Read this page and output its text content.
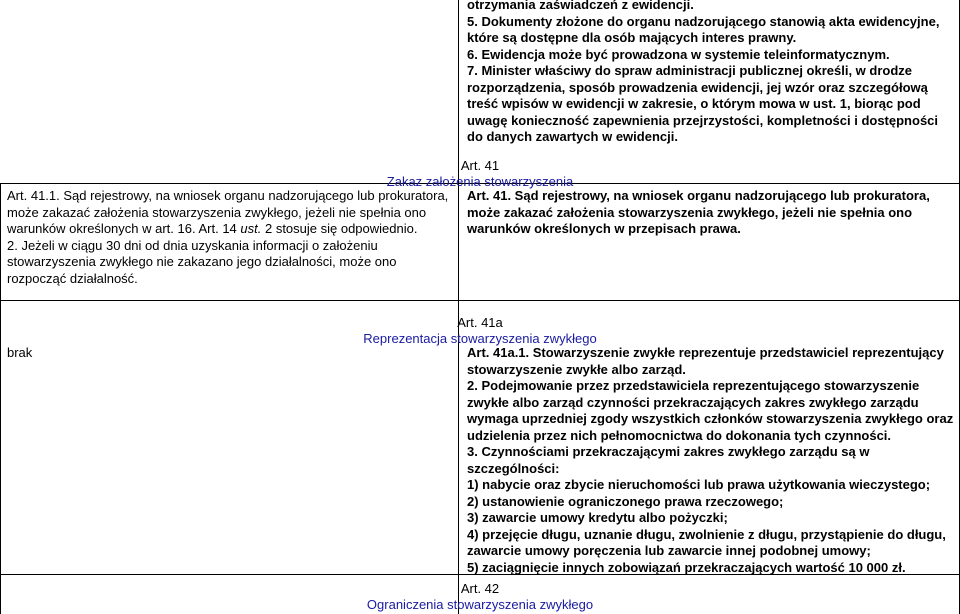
otrzymania zaświadczeń z ewidencji.

5. Dokumenty złożone do organu nadzorującego stanowią akta ewidencyjne, które są dostępne dla osób mających interes prawny.

6. Ewidencja może być prowadzona w systemie teleinformatycznym.

7. Minister właściwy do spraw administracji publicznej określi, w drodze rozporządzenia, sposób prowadzenia ewidencji, jej wzór oraz szczegółową treść wpisów w ewidencji w zakresie, o którym mowa w ust. 1, biorąc pod uwagę konieczność zapewnienia przejrzystości, kompletności i dostępności do danych zawartych w ewidencji.

Art. 41
Zakaz założenia stowarzyszenia

Art. 41.1. Sąd rejestrowy, na wniosek organu nadzorującego lub prokuratora, może zakazać założenia stowarzyszenia zwykłego, jeżeli nie spełnia ono warunków określonych w art. 16. Art. 14 ust. 2 stosuje się odpowiednio.

2. Jeżeli w ciągu 30 dni od dnia uzyskania informacji o założeniu stowarzyszenia zwykłego nie zakazano jego działalności, może ono rozpocząć działalność.

Art. 41. Sąd rejestrowy, na wniosek organu nadzorującego lub prokuratora, może zakazać założenia stowarzyszenia zwykłego, jeżeli nie spełnia ono warunków określonych w przepisach prawa.
Art. 41a
Reprezentacja stowarzyszenia zwykłego
brak	Art. 41a.1. Stowarzyszenie zwykłe reprezentuje przedstawiciel reprezentujący stowarzyszenie zwykłe albo zarząd.

2. Podejmowanie przez przedstawiciela reprezentującego stowarzyszenie zwykłe albo zarząd czynności przekraczających zakres zwykłego zarządu wymaga uprzedniej zgody wszystkich członków stowarzyszenia zwykłego oraz udzielenia przez nich pełnomocnictwa do dokonania tych czynności.

3. Czynnościami przekraczającymi zakres zwykłego zarządu są w szczególności:

1) nabycie oraz zbycie nieruchomości lub prawa użytkowania wieczystego;

2) ustanowienie ograniczonego prawa rzeczowego;

3) zawarcie umowy kredytu albo pożyczki;

4) przejęcie długu, uznanie długu, zwolnienie z długu, przystąpienie do długu, zawarcie umowy poręczenia lub zawarcie innej podobnej umowy;

5) zaciągnięcie innych zobowiązań przekraczających wartość 10 000 zł.

Art. 42
Ograniczenia stowarzyszenia zwykłego
